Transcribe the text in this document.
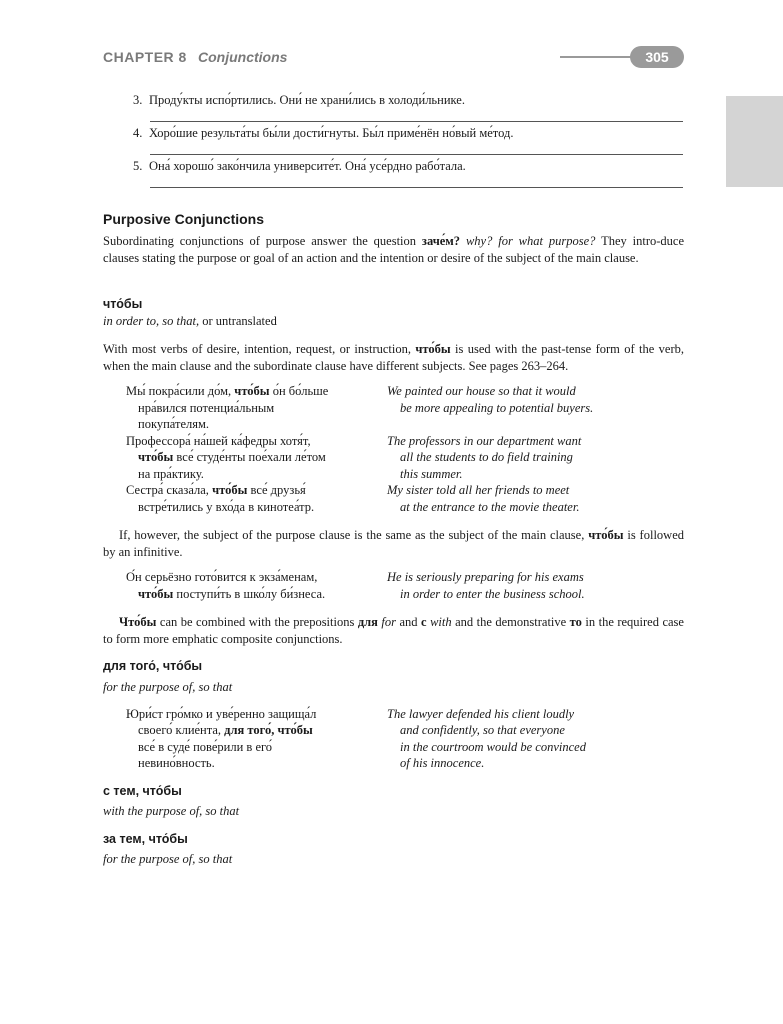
CHAPTER 8 Conjunctions	305
3. Проду́кты испо́ртились. Они́ не храни́лись в холоди́льнике.
4. Хоро́шие результа́ты бы́ли дости́гнуты. Бы́л приме́нён но́вый ме́тод.
5. Она́ хорошо́ зако́нчила университе́т. Она́ усе́рдно рабо́тала.
Purposive Conjunctions
Subordinating conjunctions of purpose answer the question заче́м? why? for what purpose? They intro-duce clauses stating the purpose or goal of an action and the intention or desire of the subject of the main clause.
что́бы
in order to, so that, or untranslated
With most verbs of desire, intention, request, or instruction, что́бы is used with the past-tense form of the verb, when the main clause and the subordinate clause have different subjects. See pages 263–264.
Мы́ покра́сили до́м, что́бы о́н бо́льше
нра́вился потенциа́льным
покупа́телям.
Профессора́ на́шей ка́федры хотя́т,
что́бы все́ студе́нты пое́хали ле́том
на пра́ктику.
Сестра́ сказа́ла, что́бы все́ друзья́
встре́тились у вхо́да в кинотеа́тр.
We painted our house so that it would
be more appealing to potential buyers.
The professors in our department want
all the students to do field training
this summer.
My sister told all her friends to meet
at the entrance to the movie theater.
If, however, the subject of the purpose clause is the same as the subject of the main clause, что́бы is followed by an infinitive.
О́н серьёзно гото́вится к экза́менам,
что́бы поступи́ть в шко́лу би́знеса.
He is seriously preparing for his exams
in order to enter the business school.
Что́бы can be combined with the prepositions для for and с with and the demonstrative то in the required case to form more emphatic composite conjunctions.
для того́, что́бы
for the purpose of, so that
Юри́ст гро́мко и уве́ренно защища́л
своего́ клие́нта, для того́, что́бы
все́ в суде́ пове́рили в его́
невино́вность.
The lawyer defended his client loudly
and confidently, so that everyone
in the courtroom would be convinced
of his innocence.
с тем, что́бы
with the purpose of, so that
за тем, что́бы
for the purpose of, so that
